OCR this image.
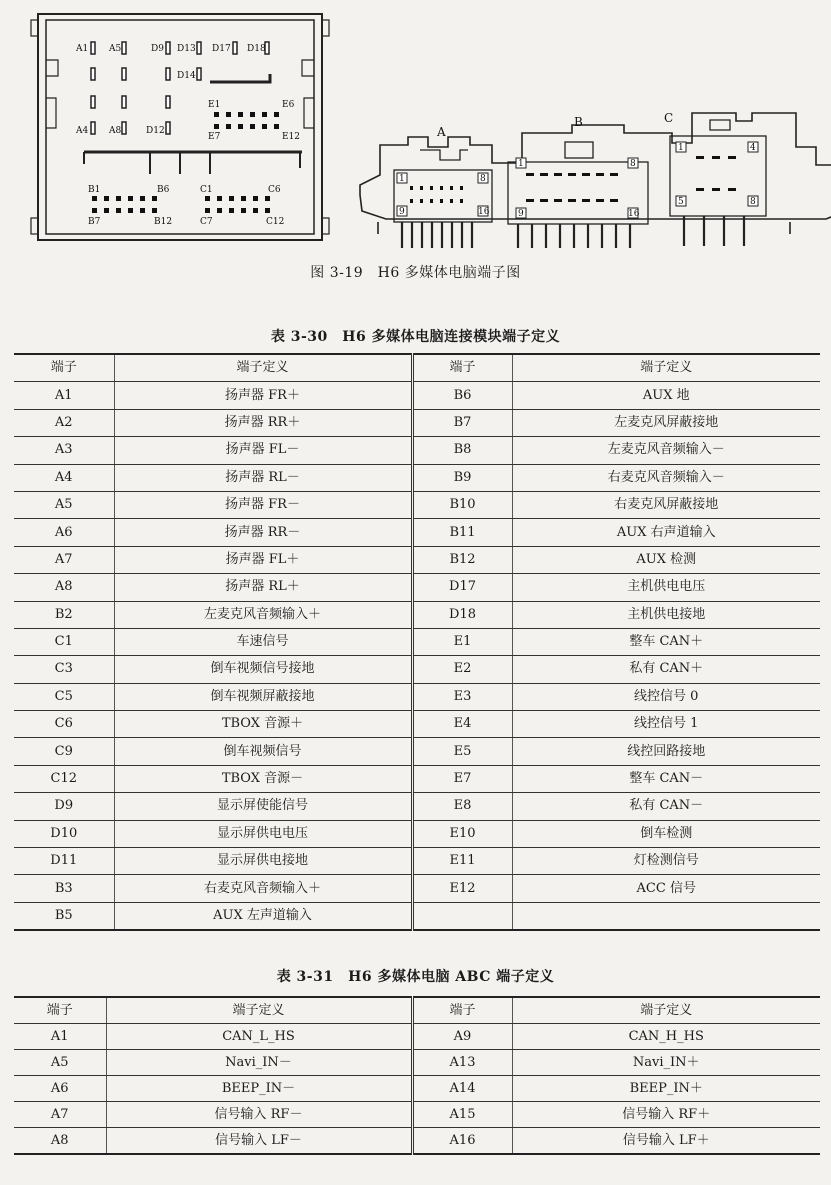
A1 A5	D9 D13 D17 D18
D14
E1	E6
E7	E12
A4 A8	D12
B1	B6	C1	C6
B7	B12	C7	C12
A
B	C
1	8
9	16
1	8
9	16
1	4
5	8
图 3-19　H6 多媒体电脑端子图
表 3-30　H6 多媒体电脑连接模块端子定义
端子	端子定义	端子	端子定义
A1	扬声器 FR＋	B6	AUX 地
A2	扬声器 RR＋	B7	左麦克风屏蔽接地
A3	扬声器 FL－	B8	左麦克风音频输入－
A4	扬声器 RL－	B9	右麦克风音频输入－
A5	扬声器 FR－	B10	右麦克风屏蔽接地
A6	扬声器 RR－	B11	AUX 右声道输入
A7	扬声器 FL＋	B12	AUX 检测
A8	扬声器 RL＋	D17	主机供电电压
B2	左麦克风音频输入＋	D18	主机供电接地
C1	车速信号	E1	整车 CAN＋
C3	倒车视频信号接地	E2	私有 CAN＋
C5	倒车视频屏蔽接地	E3	线控信号 0
C6	TBOX 音源＋	E4	线控信号 1
C9	倒车视频信号	E5	线控回路接地
C12	TBOX 音源－	E7	整车 CAN－
D9	显示屏使能信号	E8	私有 CAN－
D10	显示屏供电电压	E10	倒车检测
D11	显示屏供电接地	E11	灯检测信号
B3	右麦克风音频输入＋	E12	ACC 信号
B5	AUX 左声道输入		
表 3-31　H6 多媒体电脑 ABC 端子定义
端子	端子定义	端子	端子定义
A1	CAN_L_HS	A9	CAN_H_HS
A5	Navi_IN－	A13	Navi_IN＋
A6	BEEP_IN－	A14	BEEP_IN＋
A7	信号输入 RF－	A15	信号输入 RF＋
A8	信号输入 LF－	A16	信号输入 LF＋
